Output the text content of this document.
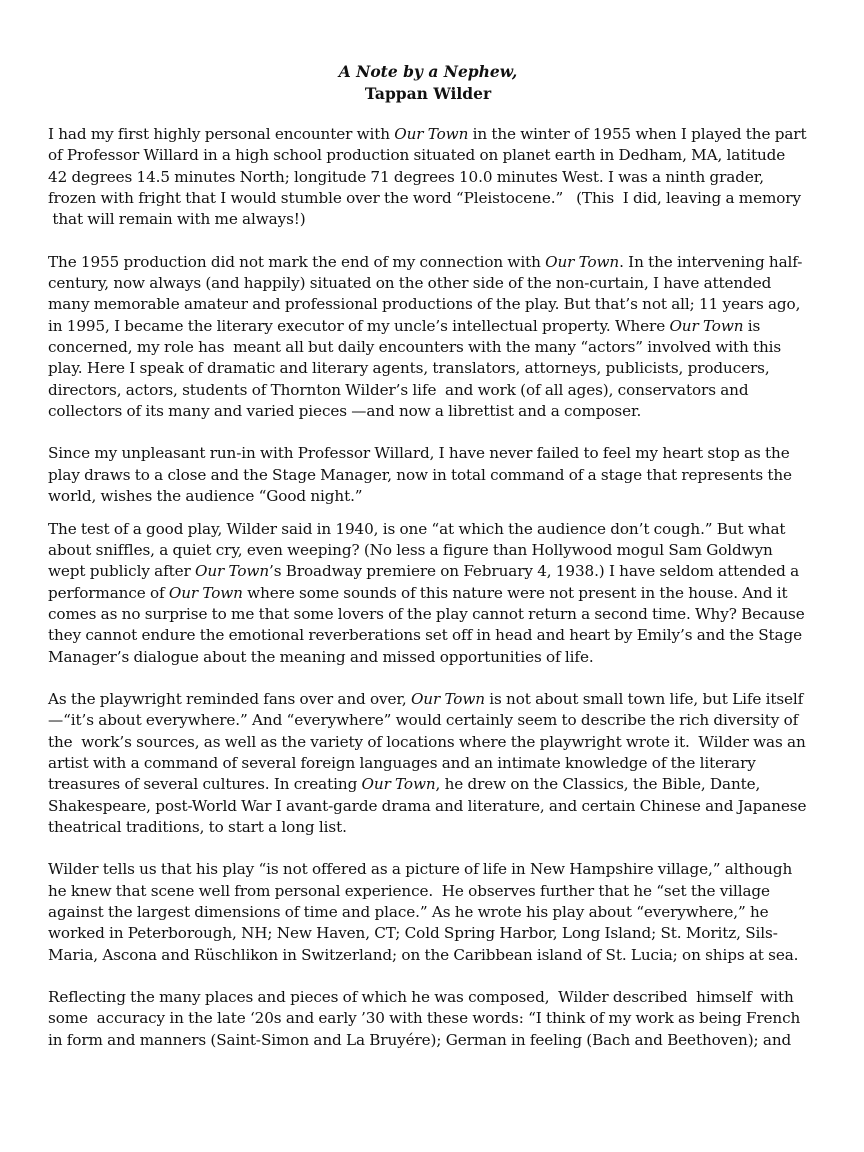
A Note by a Nephew,
Tappan Wilder

I had my first highly personal encounter with Our Town in the winter of 1955 when I played the part of Professor Willard in a high school production situated on planet earth in Dedham, MA, latitude 42 degrees 14.5 minutes North; longitude 71 degrees 10.0 minutes West. I was a ninth grader, frozen with fright that I would stumble over the word “Pleistocene.”   (This  I did, leaving a memory  that will remain with me always!)

The 1955 production did not mark the end of my connection with Our Town. In the intervening half-century, now always (and happily) situated on the other side of the non-curtain, I have attended many memorable amateur and professional productions of the play. But that’s not all; 11 years ago, in 1995, I became the literary executor of my uncle’s intellectual property. Where Our Town is concerned, my role has  meant all but daily encounters with the many “actors” involved with this play. Here I speak of dramatic and literary agents, translators, attorneys, publicists, producers, directors, actors, students of Thornton Wilder’s life  and work (of all ages), conservators and collectors of its many and varied pieces —and now a librettist and a composer.

Since my unpleasant run-in with Professor Willard, I have never failed to feel my heart stop as the play draws to a close and the Stage Manager, now in total command of a stage that represents the world, wishes the audience “Good night.”

The test of a good play, Wilder said in 1940, is one “at which the audience don’t cough.” But what about sniffles, a quiet cry, even weeping? (No less a figure than Hollywood mogul Sam Goldwyn wept publicly after Our Town’s Broadway premiere on February 4, 1938.) I have seldom attended a performance of Our Town where some sounds of this nature were not present in the house. And it comes as no surprise to me that some lovers of the play cannot return a second time. Why? Because they cannot endure the emotional reverberations set off in head and heart by Emily’s and the Stage Manager’s dialogue about the meaning and missed opportunities of life.

As the playwright reminded fans over and over, Our Town is not about small town life, but Life itself—“it’s about everywhere.” And “everywhere” would certainly seem to describe the rich diversity of the  work’s sources, as well as the variety of locations where the playwright wrote it.  Wilder was an artist with a command of several foreign languages and an intimate knowledge of the literary treasures of several cultures. In creating Our Town, he drew on the Classics, the Bible, Dante, Shakespeare, post-World War I avant-garde drama and literature, and certain Chinese and Japanese theatrical traditions, to start a long list.

Wilder tells us that his play “is not offered as a picture of life in New Hampshire village,” although he knew that scene well from personal experience.  He observes further that he “set the village against the largest dimensions of time and place.” As he wrote his play about “everywhere,” he worked in Peterborough, NH; New Haven, CT; Cold Spring Harbor, Long Island; St. Moritz, Sils-Maria, Ascona and Rüschlikon in Switzerland; on the Caribbean island of St. Lucia; on ships at sea.

Reflecting the many places and pieces of which he was composed,  Wilder described  himself  with some  accuracy in the late ‘20s and early ’30 with these words: “I think of my work as being French in form and manners (Saint-Simon and La Bruyére); German in feeling (Bach and Beethoven); and
